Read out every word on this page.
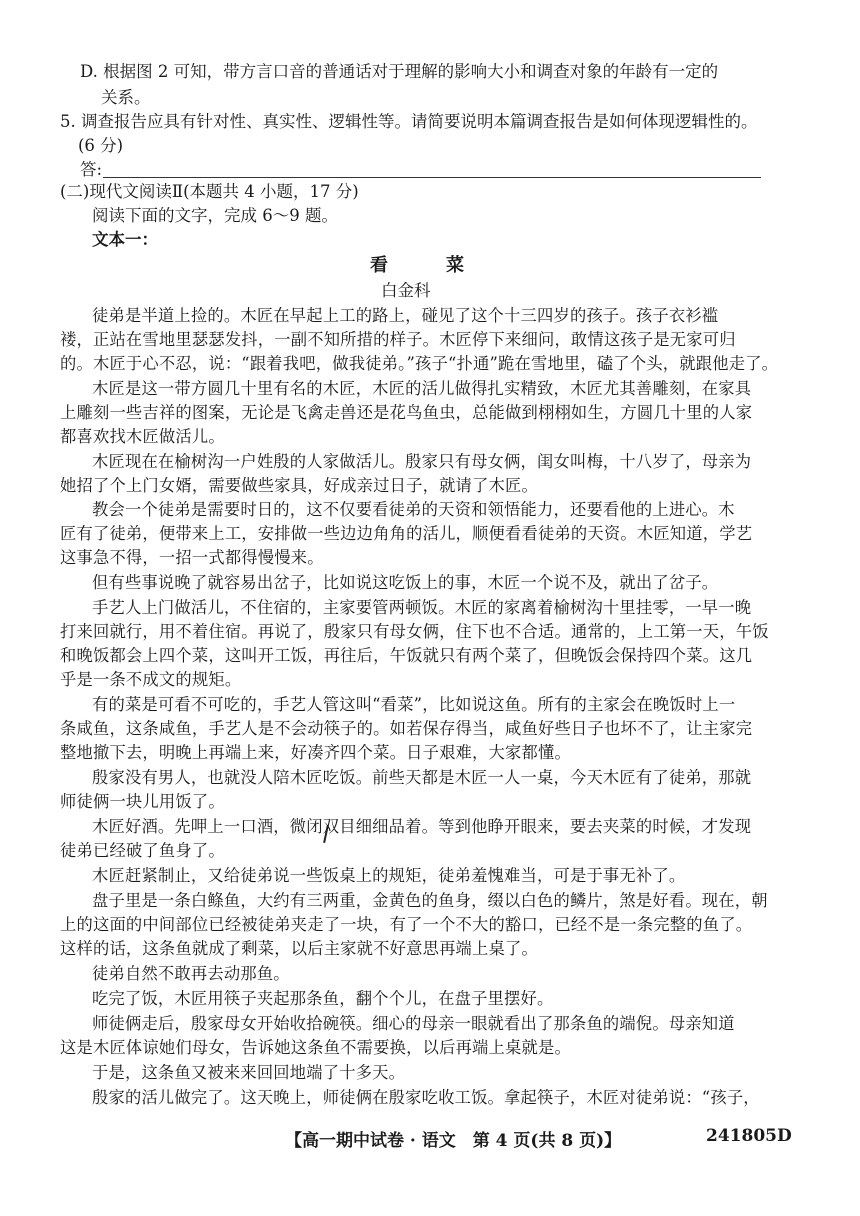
D. 根据图 2 可知，带方言口音的普通话对于理解的影响大小和调查对象的年龄有一定的
关系。
5. 调查报告应具有针对性、真实性、逻辑性等。请简要说明本篇调查报告是如何体现逻辑性的。
(6 分)
答:
(二)现代文阅读Ⅱ(本题共 4 小题，17 分)
阅读下面的文字，完成 6～9 题。
文本一：
看　菜
白金科
徒弟是半道上捡的。木匠在早起上工的路上，碰见了这个十三四岁的孩子。孩子衣衫褴
褛，正站在雪地里瑟瑟发抖，一副不知所措的样子。木匠停下来细问，敢情这孩子是无家可归
的。木匠于心不忍，说：“跟着我吧，做我徒弟。”孩子“扑通”跪在雪地里，磕了个头，就跟他走了。
木匠是这一带方圆几十里有名的木匠，木匠的活儿做得扎实精致，木匠尤其善雕刻，在家具
上雕刻一些吉祥的图案，无论是飞禽走兽还是花鸟鱼虫，总能做到栩栩如生，方圆几十里的人家
都喜欢找木匠做活儿。
木匠现在在榆树沟一户姓殷的人家做活儿。殷家只有母女俩，闺女叫梅，十八岁了，母亲为
她招了个上门女婿，需要做些家具，好成亲过日子，就请了木匠。
教会一个徒弟是需要时日的，这不仅要看徒弟的天资和领悟能力，还要看他的上进心。木
匠有了徒弟，便带来上工，安排做一些边边角角的活儿，顺便看看徒弟的天资。木匠知道，学艺
这事急不得，一招一式都得慢慢来。
但有些事说晚了就容易出岔子，比如说这吃饭上的事，木匠一个说不及，就出了岔子。
手艺人上门做活儿，不住宿的，主家要管两顿饭。木匠的家离着榆树沟十里挂零，一早一晚
打来回就行，用不着住宿。再说了，殷家只有母女俩，住下也不合适。通常的，上工第一天，午饭
和晚饭都会上四个菜，这叫开工饭，再往后，午饭就只有两个菜了，但晚饭会保持四个菜。这几
乎是一条不成文的规矩。
有的菜是可看不可吃的，手艺人管这叫“看菜”，比如说这鱼。所有的主家会在晚饭时上一
条咸鱼，这条咸鱼，手艺人是不会动筷子的。如若保存得当，咸鱼好些日子也坏不了，让主家完
整地撤下去，明晚上再端上来，好凑齐四个菜。日子艰难，大家都懂。
殷家没有男人，也就没人陪木匠吃饭。前些天都是木匠一人一桌，今天木匠有了徒弟，那就
师徒俩一块儿用饭了。
木匠好酒。先呷上一口酒，微闭双目细细品着。等到他睁开眼来，要去夹菜的时候，才发现
徒弟已经破了鱼身了。
木匠赶紧制止，又给徒弟说一些饭桌上的规矩，徒弟羞愧难当，可是于事无补了。
盘子里是一条白鲦鱼，大约有三两重，金黄色的鱼身，缀以白色的鳞片，煞是好看。现在，朝
上的这面的中间部位已经被徒弟夹走了一块，有了一个不大的豁口，已经不是一条完整的鱼了。
这样的话，这条鱼就成了剩菜，以后主家就不好意思再端上桌了。
徒弟自然不敢再去动那鱼。
吃完了饭，木匠用筷子夹起那条鱼，翻个个儿，在盘子里摆好。
师徒俩走后，殷家母女开始收拾碗筷。细心的母亲一眼就看出了那条鱼的端倪。母亲知道
这是木匠体谅她们母女，告诉她这条鱼不需要换，以后再端上桌就是。
于是，这条鱼又被来来回回地端了十多天。
殷家的活儿做完了。这天晚上，师徒俩在殷家吃收工饭。拿起筷子，木匠对徒弟说：“孩子，
【高一期中试卷 · 语文　第 4 页(共 8 页)】	241805D
